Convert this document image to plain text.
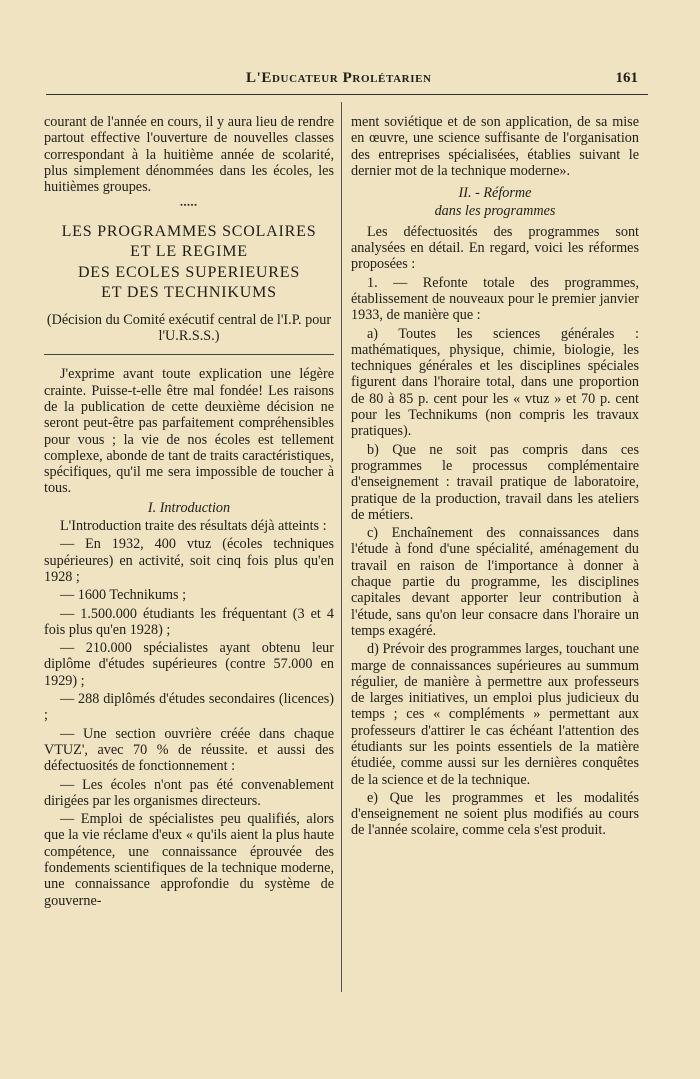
L'Educateur Prolétarien	161

courant de l'année en cours, il y aura lieu de rendre partout effective l'ouverture de nouvelles classes correspondant à la huitième année de scolarité, plus simplement dénommées dans les écoles, les huitièmes groupes.

▪▪▪▪▪
LES PROGRAMMES SCOLAIRES
ET LE REGIME
DES ECOLES SUPERIEURES
ET DES TECHNIKUMS
(Décision du Comité exécutif central de l'I.P. pour l'U.R.S.S.)

J'exprime avant toute explication une légère crainte. Puisse-t-elle être mal fondée! Les raisons de la publication de cette deuxième décision ne seront peut-être pas parfaitement compréhensibles pour vous ; la vie de nos écoles est tellement complexe, abonde de tant de traits caractéristiques, spécifiques, qu'il me sera impossible de toucher à tous.

I. Introduction

L'Introduction traite des résultats déjà atteints :

— En 1932, 400 vtuz (écoles techniques supérieures) en activité, soit cinq fois plus qu'en 1928 ;

— 1600 Technikums ;

— 1.500.000 étudiants les fréquentant (3 et 4 fois plus qu'en 1928) ;

— 210.000 spécialistes ayant obtenu leur diplôme d'études supérieures (contre 57.000 en 1929) ;

— 288 diplômés d'études secondaires (licences) ;

— Une section ouvrière créée dans chaque VTUZ', avec 70 % de réussite. et aussi des défectuosités de fonctionnement :

— Les écoles n'ont pas été convenablement dirigées par les organismes directeurs.

— Emploi de spécialistes peu qualifiés, alors que la vie réclame d'eux « qu'ils aient la plus haute compétence, une connaissance éprouvée des fondements scientifiques de la technique moderne, une connaissance approfondie du système de gouverne-

ment soviétique et de son application, de sa mise en œuvre, une science suffisante de l'organisation des entreprises spécialisées, établies suivant le dernier mot de la technique moderne».

II. - Réforme
dans les programmes

Les défectuosités des programmes sont analysées en détail. En regard, voici les réformes proposées :

1. — Refonte totale des programmes, établissement de nouveaux pour le premier janvier 1933, de manière que :

a) Toutes les sciences générales : mathématiques, physique, chimie, biologie, les techniques générales et les disciplines spéciales figurent dans l'horaire total, dans une proportion de 80 à 85 p. cent pour les « vtuz » et 70 p. cent pour les Technikums (non compris les travaux pratiques).

b) Que ne soit pas compris dans ces programmes le processus complémentaire d'enseignement : travail pratique de laboratoire, pratique de la production, travail dans les ateliers de métiers.

c) Enchaînement des connaissances dans l'étude à fond d'une spécialité, aménagement du travail en raison de l'importance à donner à chaque partie du programme, les disciplines capitales devant apporter leur contribution à l'étude, sans qu'on leur consacre dans l'horaire un temps exagéré.

d) Prévoir des programmes larges, touchant une marge de connaissances supérieures au summum régulier, de manière à permettre aux professeurs de larges initiatives, un emploi plus judicieux du temps ; ces « compléments » permettant aux professeurs d'attirer le cas échéant l'attention des étudiants sur les points essentiels de la matière étudiée, comme aussi sur les dernières conquêtes de la science et de la technique.

e) Que les programmes et les modalités d'enseignement ne soient plus modifiés au cours de l'année scolaire, comme cela s'est produit.
